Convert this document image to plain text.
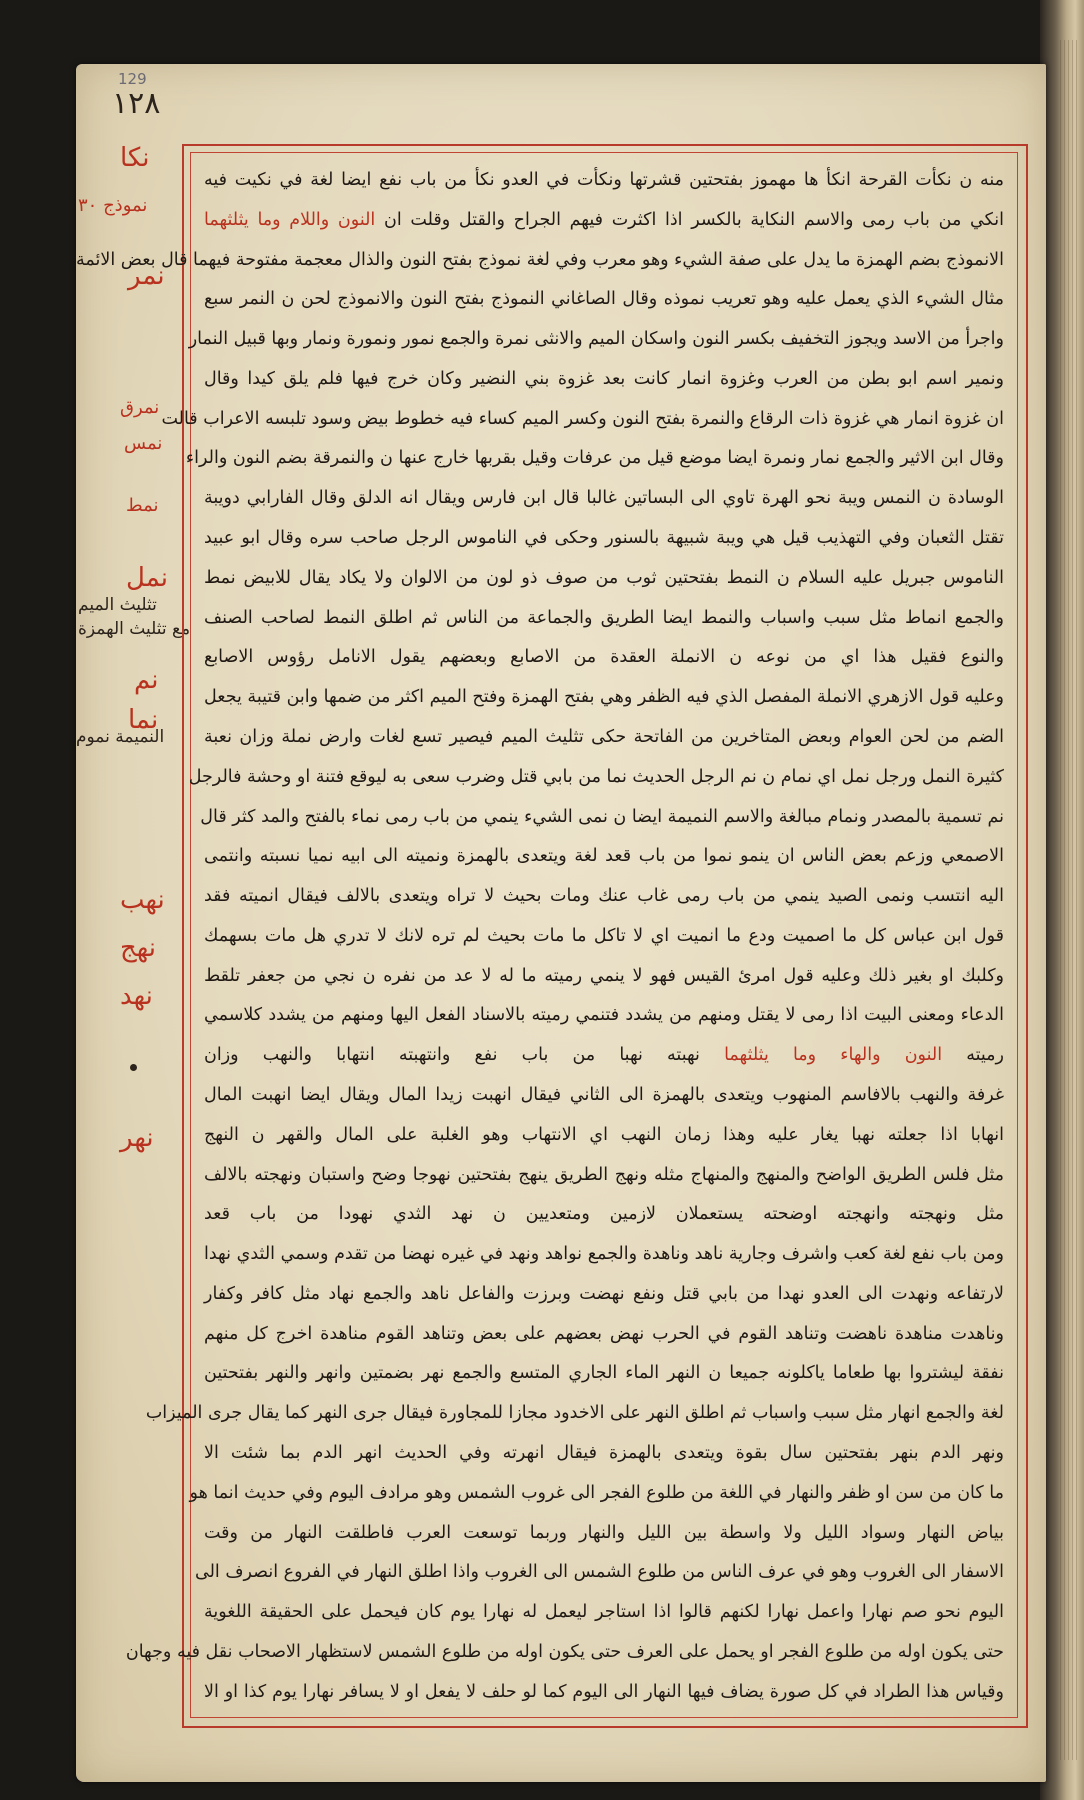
129
١٢٨
نكا
نموذج ٣٠
نمر
نمرق
نمس
نمط
نمل
تثليث الميم
مع تثليث الهمزة
نم
نما
النميمة نموم
نهب
نهج
نهد
نهر
منه ن نكأت القرحة انكأ ها مهموز بفتحتين قشرتها ونكأت في العدو نكأ من باب نفع ايضا لغة في نكيت فيه
انكي من باب رمى والاسم النكاية بالكسر اذا اكثرت فيهم الجراح والقتل وقلت ان النون واللام وما يثلثهما
الانموذج بضم الهمزة ما يدل على صفة الشيء وهو معرب وفي لغة نموذج بفتح النون والذال معجمة مفتوحة فيهما قال بعض الائمة
مثال الشيء الذي يعمل عليه وهو تعريب نموذه وقال الصاغاني النموذج بفتح النون والانموذج لحن ن النمر سبع
واجرأ من الاسد ويجوز التخفيف بكسر النون واسكان الميم والانثى نمرة والجمع نمور ونمورة ونمار وبها قبيل النمار
ونمير اسم ابو بطن من العرب وغزوة انمار كانت بعد غزوة بني النضير وكان خرج فيها فلم يلق كيدا وقال
ان غزوة انمار هي غزوة ذات الرقاع والنمرة بفتح النون وكسر الميم كساء فيه خطوط بيض وسود تلبسه الاعراب قالت
وقال ابن الاثير والجمع نمار ونمرة ايضا موضع قيل من عرفات وقيل بقربها خارج عنها ن والنمرقة بضم النون والراء
الوسادة ن النمس ويبة نحو الهرة تاوي الى البساتين غالبا قال ابن فارس ويقال انه الدلق وقال الفارابي دويبة
تقتل الثعبان وفي التهذيب قيل هي ويبة شبيهة بالسنور وحكى في الناموس الرجل صاحب سره وقال ابو عبيد
الناموس جبريل عليه السلام ن النمط بفتحتين ثوب من صوف ذو لون من الالوان ولا يكاد يقال للابيض نمط
والجمع انماط مثل سبب واسباب والنمط ايضا الطريق والجماعة من الناس ثم اطلق النمط لصاحب الصنف
والنوع فقيل هذا اي من نوعه ن الانملة العقدة من الاصابع وبعضهم يقول الانامل رؤوس الاصابع
وعليه قول الازهري الانملة المفصل الذي فيه الظفر وهي بفتح الهمزة وفتح الميم اكثر من ضمها وابن قتيبة يجعل
الضم من لحن العوام وبعض المتاخرين من الفاتحة حكى تثليث الميم فيصير تسع لغات وارض نملة وزان نعبة
كثيرة النمل ورجل نمل اي نمام ن نم الرجل الحديث نما من بابي قتل وضرب سعى به ليوقع فتنة او وحشة فالرجل
نم تسمية بالمصدر ونمام مبالغة والاسم النميمة ايضا ن نمى الشيء ينمي من باب رمى نماء بالفتح والمد كثر قال
الاصمعي وزعم بعض الناس ان ينمو نموا من باب قعد لغة ويتعدى بالهمزة ونميته الى ابيه نميا نسبته وانتمى
اليه انتسب ونمى الصيد ينمي من باب رمى غاب عنك ومات بحيث لا تراه ويتعدى بالالف فيقال انميته فقد
قول ابن عباس كل ما اصميت ودع ما انميت اي لا تاكل ما مات بحيث لم تره لانك لا تدري هل مات بسهمك
وكلبك او بغير ذلك وعليه قول امرئ القيس فهو لا ينمي رميته ما له لا عد من نفره ن نجي من جعفر تلقط
الدعاء ومعنى البيت اذا رمى لا يقتل ومنهم من يشدد فتنمي رميته بالاسناد الفعل اليها ومنهم من يشدد كلاسمي
رميته النون والهاء وما يثلثهما نهبته نهبا من باب نفع وانتهبته انتهابا والنهب وزان
غرفة والنهب بالافاسم المنهوب ويتعدى بالهمزة الى الثاني فيقال انهبت زيدا المال ويقال ايضا انهبت المال
انهابا اذا جعلته نهبا يغار عليه وهذا زمان النهب اي الانتهاب وهو الغلبة على المال والقهر ن النهج
مثل فلس الطريق الواضح والمنهج والمنهاج مثله ونهج الطريق ينهج بفتحتين نهوجا وضح واستبان ونهجته بالالف
مثل ونهجته وانهجته اوضحته يستعملان لازمين ومتعديين ن نهد الثدي نهودا من باب قعد
ومن باب نفع لغة كعب واشرف وجارية ناهد وناهدة والجمع نواهد ونهد في غيره نهضا من تقدم وسمي الثدي نهدا
لارتفاعه ونهدت الى العدو نهدا من بابي قتل ونفع نهضت وبرزت والفاعل ناهد والجمع نهاد مثل كافر وكفار
وناهدت مناهدة ناهضت وتناهد القوم في الحرب نهض بعضهم على بعض وتناهد القوم مناهدة اخرج كل منهم
نفقة ليشتروا بها طعاما ياكلونه جميعا ن النهر الماء الجاري المتسع والجمع نهر بضمتين وانهر والنهر بفتحتين
لغة والجمع انهار مثل سبب واسباب ثم اطلق النهر على الاخدود مجازا للمجاورة فيقال جرى النهر كما يقال جرى الميزاب
ونهر الدم بنهر بفتحتين سال بقوة ويتعدى بالهمزة فيقال انهرته وفي الحديث انهر الدم بما شئت الا
ما كان من سن او ظفر والنهار في اللغة من طلوع الفجر الى غروب الشمس وهو مرادف اليوم وفي حديث انما هو
بياض النهار وسواد الليل ولا واسطة بين الليل والنهار وربما توسعت العرب فاطلقت النهار من وقت
الاسفار الى الغروب وهو في عرف الناس من طلوع الشمس الى الغروب واذا اطلق النهار في الفروع انصرف الى
اليوم نحو صم نهارا واعمل نهارا لكنهم قالوا اذا استاجر ليعمل له نهارا يوم كان فيحمل على الحقيقة اللغوية
حتى يكون اوله من طلوع الفجر او يحمل على العرف حتى يكون اوله من طلوع الشمس لاستظهار الاصحاب نقل فيه وجهان
وقياس هذا الطراد في كل صورة يضاف فيها النهار الى اليوم كما لو حلف لا يفعل او لا يسافر نهارا يوم كذا او الا
